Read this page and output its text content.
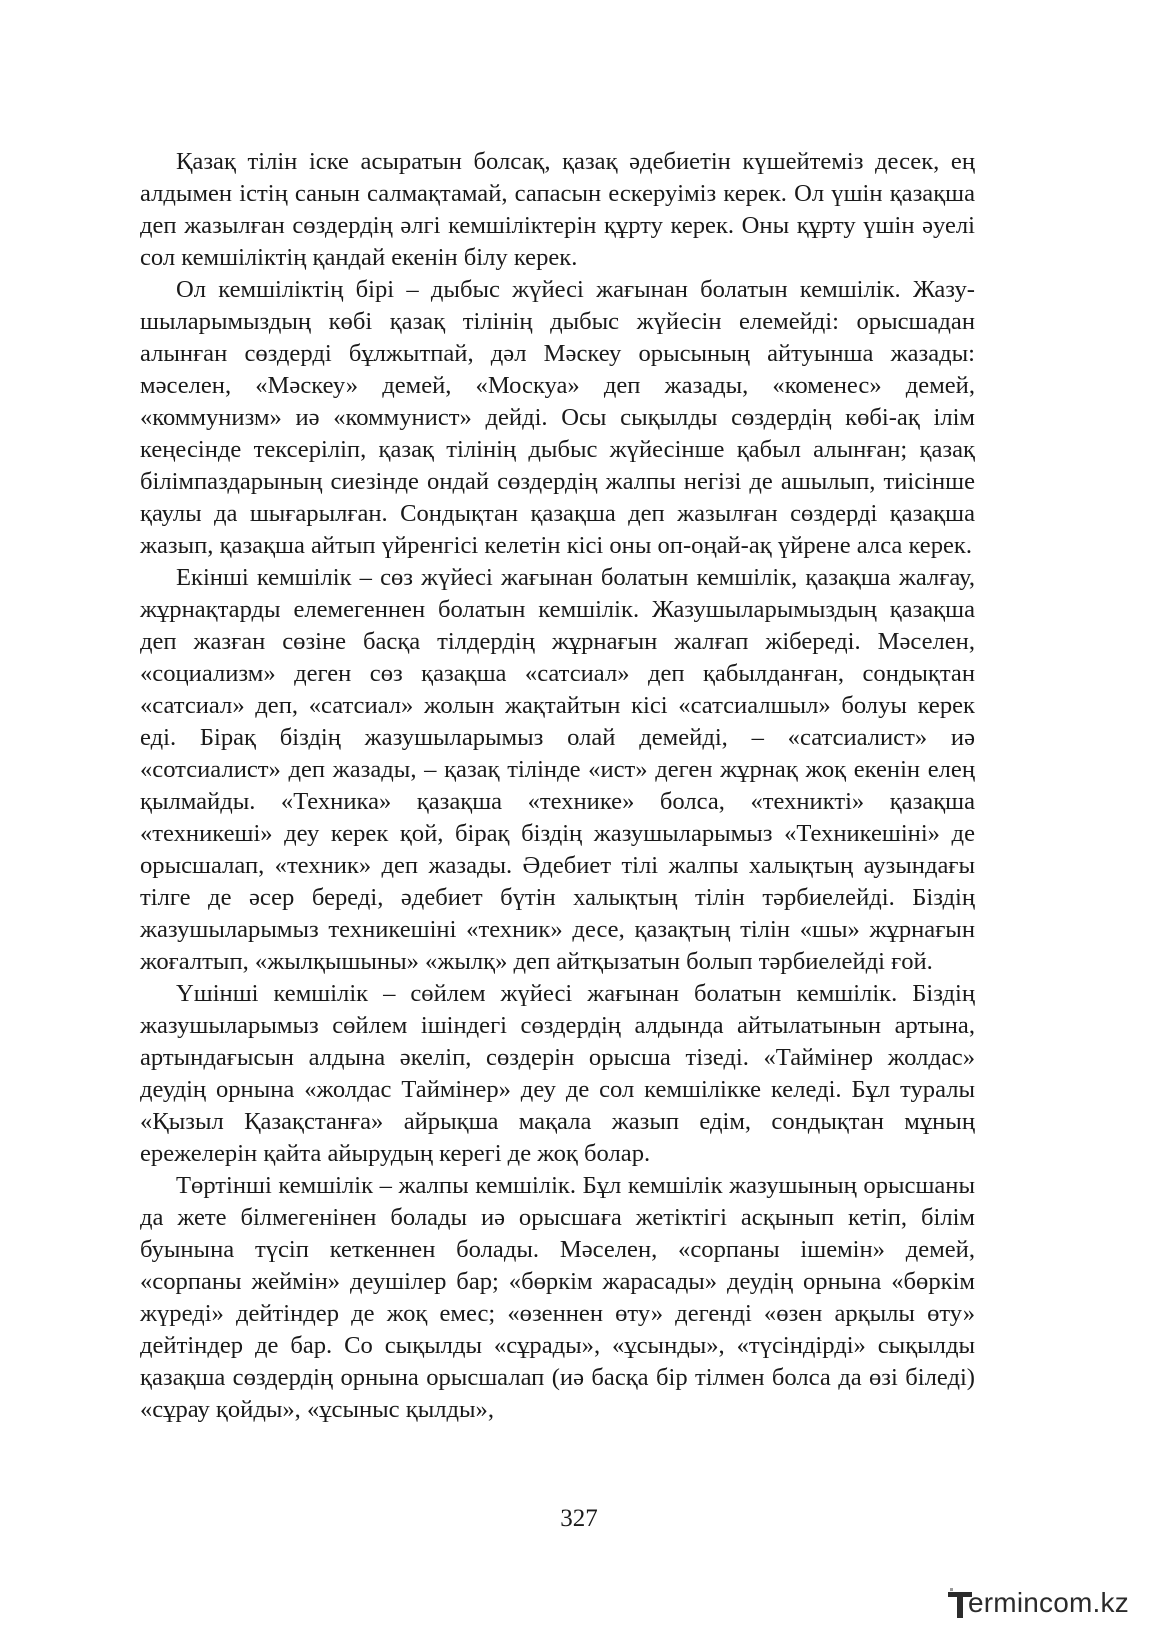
Қазақ тілін іске асыратын болсақ, қазақ әдебиетін күшейтеміз десек, ең алдымен істің санын салмақтамай, сапасын ескеруіміз керек. Ол үшін қазақша деп жазылған сөздердің әлгі кемшіліктерін құрту керек. Оны құрту үшін әуелі сол кемшіліктің қандай екенін білу керек.

Ол кемшіліктің бірі – дыбыс жүйесі жағынан болатын кемшілік. Жазушыларымыздың көбі қазақ тілінің дыбыс жүйесін елемейді: орысшадан алынған сөздерді бұлжытпай, дәл Мәскеу орысының айтуынша жазады: мәселен, «Мәскеу» демей, «Москуа» деп жазады, «коменес» демей, «коммунизм» иә «коммунист» дейді. Осы сықылды сөздердің көбі-ақ ілім кеңесінде тексеріліп, қазақ тілінің дыбыс жүйесінше қабыл алынған; қазақ білімпаздарының сиезінде ондай сөздердің жалпы негізі де ашылып, тиісінше қаулы да шығарылған. Сондықтан қазақша деп жазылған сөздерді қазақша жазып, қазақша айтып үйренгісі келетін кісі оны оп-оңай-ақ үйрене алса керек.

Екінші кемшілік – сөз жүйесі жағынан болатын кемшілік, қазақша жалғау, жұрнақтарды елемегеннен болатын кемшілік. Жазушыларымыздың қазақша деп жазған сөзіне басқа тілдердің жұрнағын жалғап жібереді. Мәселен, «социализм» деген сөз қазақша «сатсиал» деп қабылданған, сондықтан «сатсиал» деп, «сатсиал» жолын жақтайтын кісі «сатсиалшыл» болуы керек еді. Бірақ біздің жазушыларымыз олай демейді, – «сатсиалист» иә «сотсиалист» деп жазады, – қазақ тілінде «ист» деген жұрнақ жоқ екенін елең қылмайды. «Техника» қазақша «технике» болса, «техникті» қазақша «техникеші» деу керек қой, бірақ біздің жазушыларымыз «Техникешіні» де орысшалап, «техник» деп жазады. Әдебиет тілі жалпы халықтың аузындағы тілге де әсер береді, әдебиет бүтін халықтың тілін тәрбиелейді. Біздің жазушыларымыз техникешіні «техник» десе, қазақтың тілін «шы» жұрнағын жоғалтып, «жылқышыны» «жылқ» деп айтқызатын болып тәрбиелейді ғой.

Үшінші кемшілік – сөйлем жүйесі жағынан болатын кемшілік. Біздің жазушыларымыз сөйлем ішіндегі сөздердің алдында айтылатынын артына, артындағысын алдына әкеліп, сөздерін орысша тізеді. «Таймінер жолдас» деудің орнына «жолдас Таймінер» деу де сол кемшілікке келеді. Бұл туралы «Қызыл Қазақстанға» айрықша мақала жазып едім, сондықтан мұның ережелерін қайта айырудың керегі де жоқ болар.

Төртінші кемшілік – жалпы кемшілік. Бұл кемшілік жазушының орысшаны да жете білмегенінен болады иә орысшаға жетіктігі асқынып кетіп, білім буынына түсіп кеткеннен болады. Мәселен, «сорпаны ішемін» демей, «сорпаны жеймін» деушілер бар; «бөркім жарасады» деудің орнына «бөркім жүреді» дейтіндер де жоқ емес; «өзеннен өту» дегенді «өзен арқылы өту» дейтіндер де бар. Со сықылды «сұрады», «ұсынды», «түсіндірді» сықылды қазақша сөздердің орнына орысшалап (иә басқа бір тілмен болса да өзі біледі) «сұрау қойды», «ұсыныс қылды»,

327
ermincom.kz
